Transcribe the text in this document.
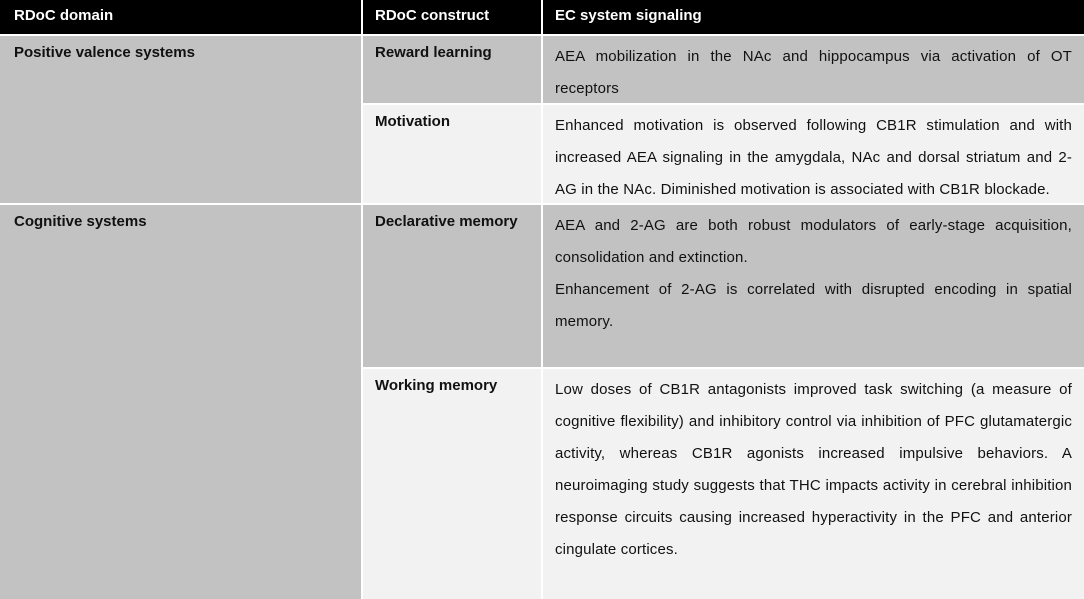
RDoC domain	RDoC construct	EC system signaling
Positive valence systems	Reward learning	AEA mobilization in the NAc and hippocampus via activation of OT receptors

Motivation	Enhanced motivation is observed following CB1R stimulation and with increased AEA signaling in the amygdala, NAc and dorsal striatum and 2-AG in the NAc. Diminished motivation is associated with CB1R blockade.

Cognitive systems	Declarative memory	AEA and 2-AG are both robust modulators of early-stage acquisition, consolidation and extinction.

Enhancement of 2-AG is correlated with disrupted encoding in spatial memory.

Working memory	Low doses of CB1R antagonists improved task switching (a measure of cognitive flexibility) and inhibitory control via inhibition of PFC glutamatergic activity, whereas CB1R agonists increased impulsive behaviors. A neuroimaging study suggests that THC impacts activity in cerebral inhibition response circuits causing increased hyperactivity in the PFC and anterior cingulate cortices.
